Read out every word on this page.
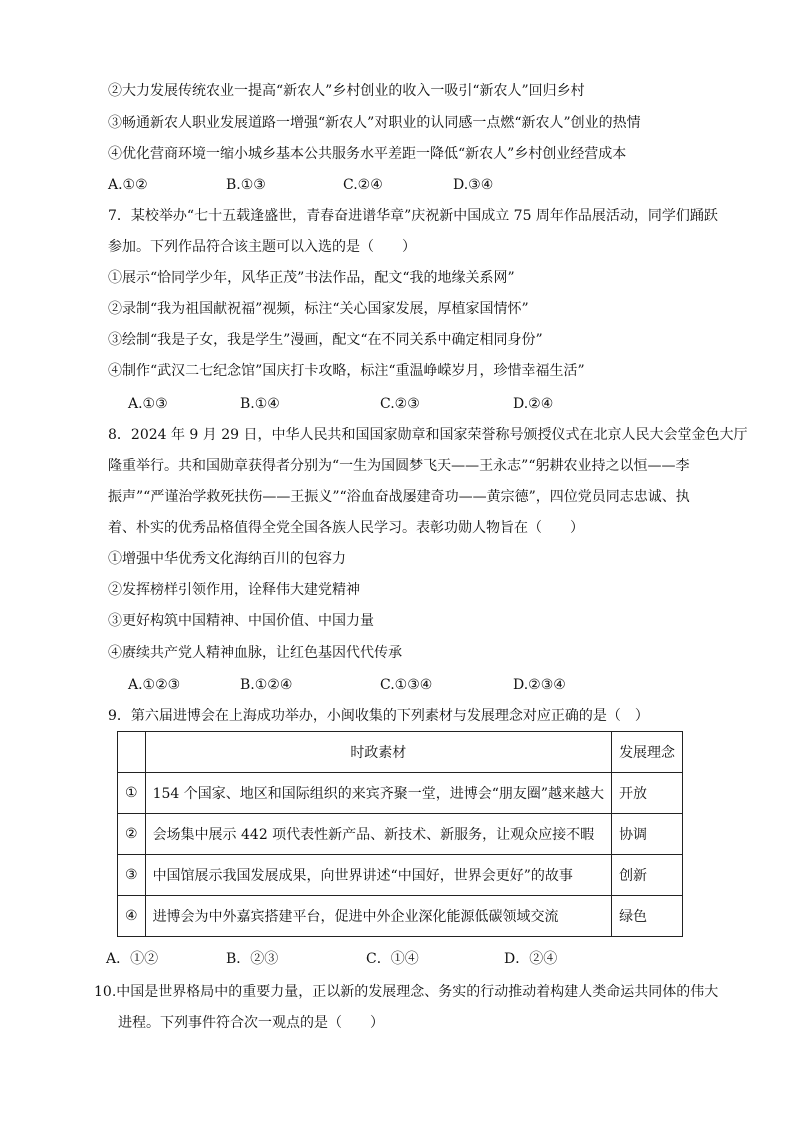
②大力发展传统农业一提高“新农人”乡村创业的收入一吸引“新农人”回归乡村
③畅通新农人职业发展道路一增强“新农人”对职业的认同感一点燃“新农人”创业的热情
④优化营商环境一缩小城乡基本公共服务水平差距一降低“新农人”乡村创业经营成本
A.①②	B.①③	C.②④	D.③④
7．某校举办“七十五载逢盛世，青春奋进谱华章”庆祝新中国成立 75 周年作品展活动，同学们踊跃
参加。下列作品符合该主题可以入选的是（　　）
①展示“恰同学少年，风华正茂”书法作品，配文“我的地缘关系网”
②录制“我为祖国献祝福”视频，标注“关心国家发展，厚植家国情怀”
③绘制“我是子女，我是学生”漫画，配文“在不同关系中确定相同身份”
④制作“武汉二七纪念馆”国庆打卡攻略，标注“重温峥嵘岁月，珍惜幸福生活”
A.①③	B.①④	C.②③	D.②④
8．2024 年 9 月 29 日，中华人民共和国国家勋章和国家荣誉称号颁授仪式在北京人民大会堂金色大厅
隆重举行。共和国勋章获得者分别为“一生为国圆梦飞天——王永志”“躬耕农业持之以恒——李
振声”“严谨治学救死扶伤——王振义”“浴血奋战屡建奇功——黄宗德”，四位党员同志忠诚、执
着、朴实的优秀品格值得全党全国各族人民学习。表彰功勋人物旨在（　　）
①增强中华优秀文化海纳百川的包容力
②发挥榜样引领作用，诠释伟大建党精神
③更好构筑中国精神、中国价值、中国力量
④赓续共产党人精神血脉，让红色基因代代传承
A.①②③	B.①②④	C.①③④	D.②③④
9．第六届进博会在上海成功举办，小闽收集的下列素材与发展理念对应正确的是（　）
	时政素材	发展理念
①	154 个国家、地区和国际组织的来宾齐聚一堂，进博会“朋友圈”越来越大	开放
②	会场集中展示 442 项代表性新产品、新技术、新服务，让观众应接不暇	协调
③	中国馆展示我国发展成果，向世界讲述“中国好，世界会更好”的故事	创新
④	进博会为中外嘉宾搭建平台，促进中外企业深化能源低碳领域交流	绿色
A．①②	B．②③	C．①④	D．②④
10.中国是世界格局中的重要力量，正以新的发展理念、务实的行动推动着构建人类命运共同体的伟大
进程。下列事件符合次一观点的是（　　）
